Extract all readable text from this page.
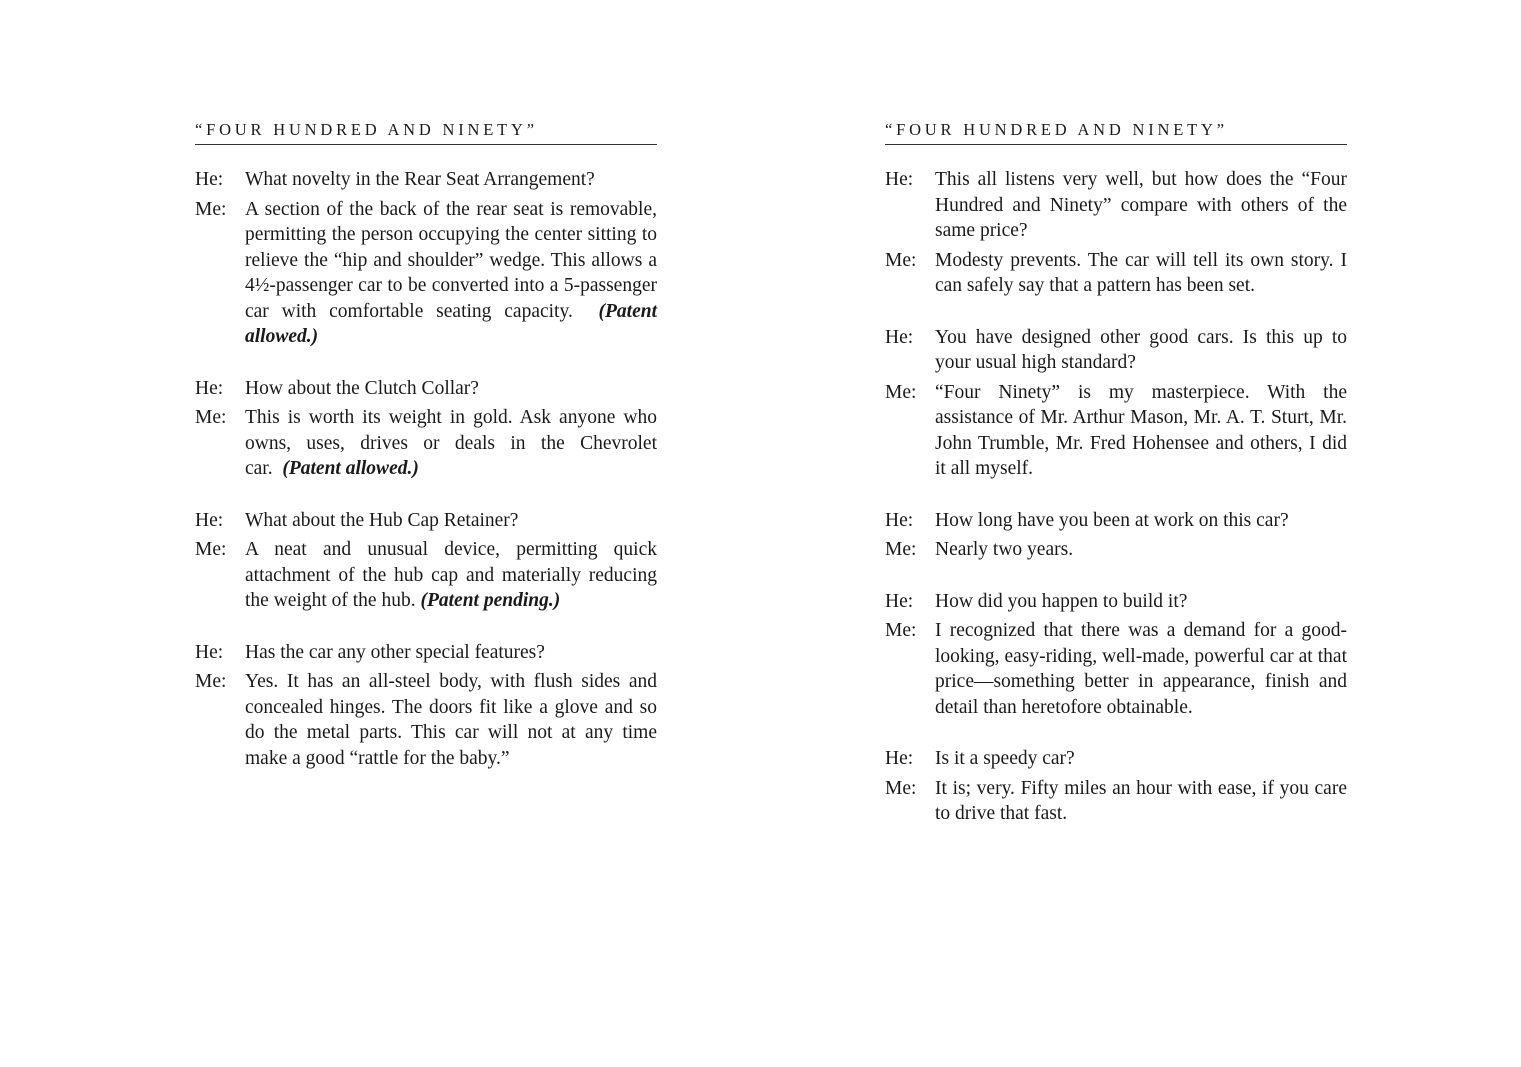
“FOUR HUNDRED AND NINETY”
He:	What novelty in the Rear Seat Arrangement?
Me: A section of the back of the rear seat is removable, permitting the person occupying the center sitting to relieve the “hip and shoulder” wedge. This allows a 4½-passenger car to be converted into a 5-passenger car with comfortable seating capacity. (Patent allowed.)
He:	How about the Clutch Collar?
Me: This is worth its weight in gold. Ask anyone who owns, uses, drives or deals in the Chevrolet car. (Patent allowed.)
He:	What about the Hub Cap Retainer?
Me: A neat and unusual device, permitting quick attachment of the hub cap and materially reducing the weight of the hub. (Patent pending.)
He:	Has the car any other special features?
Me: Yes. It has an all-steel body, with flush sides and concealed hinges. The doors fit like a glove and so do the metal parts. This car will not at any time make a good “rattle for the baby.”
“FOUR HUNDRED AND NINETY”
He:	This all listens very well, but how does the “Four Hundred and Ninety” compare with others of the same price?
Me: Modesty prevents. The car will tell its own story. I can safely say that a pattern has been set.
He:	You have designed other good cars. Is this up to your usual high standard?
Me: “Four Ninety” is my masterpiece. With the assistance of Mr. Arthur Mason, Mr. A. T. Sturt, Mr. John Trumble, Mr. Fred Hohensee and others, I did it all myself.
He:	How long have you been at work on this car?
Me: Nearly two years.
He:	How did you happen to build it?
Me: I recognized that there was a demand for a good-looking, easy-riding, well-made, powerful car at that price—something better in appearance, finish and detail than heretofore obtainable.
He:	Is it a speedy car?
Me: It is; very. Fifty miles an hour with ease, if you care to drive that fast.
